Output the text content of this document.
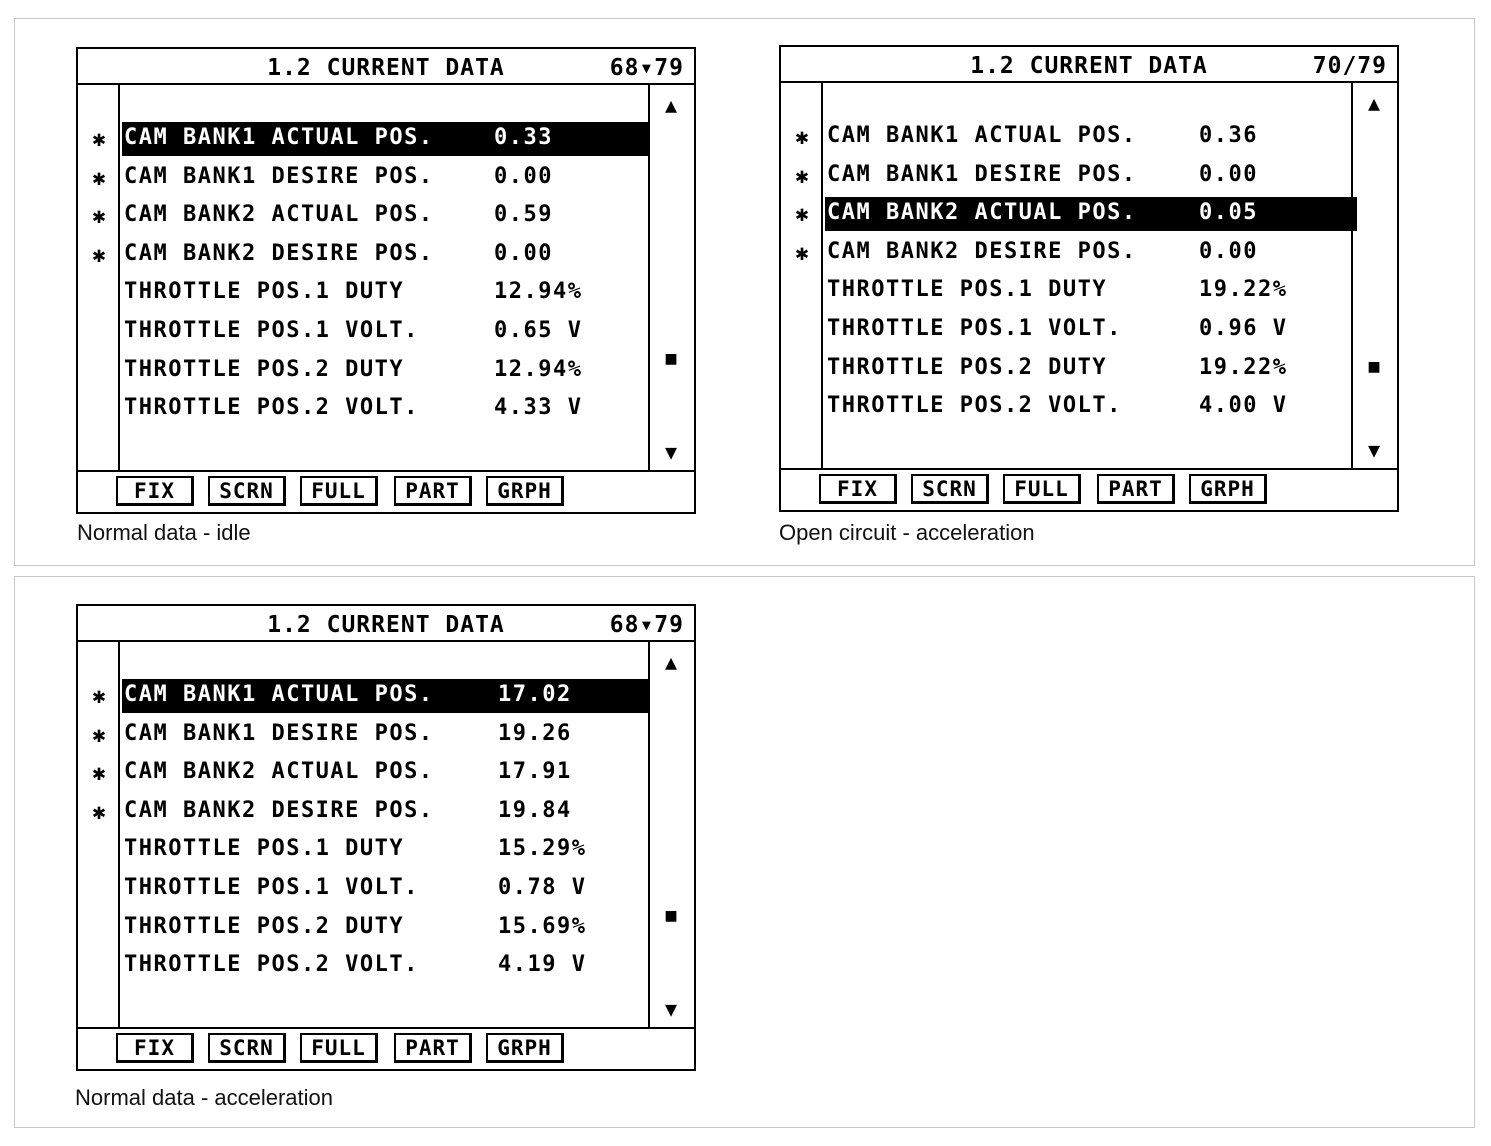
1.2 CURRENT DATA	68▾79
▲
■
▼
✱ CAM BANK1 ACTUAL POS.	0.33
✱ CAM BANK1 DESIRE POS.	0.00
✱ CAM BANK2 ACTUAL POS.	0.59
✱ CAM BANK2 DESIRE POS.	0.00
THROTTLE POS.1 DUTY	12.94%
THROTTLE POS.1 VOLT.	0.65 V
THROTTLE POS.2 DUTY	12.94%
THROTTLE POS.2 VOLT.	4.33 V
FIX	SCRN	FULL	PART	GRPH
Normal data - idle
1.2 CURRENT DATA	70/79
▲
■
▼
✱ CAM BANK1 ACTUAL POS.	0.36
✱ CAM BANK1 DESIRE POS.	0.00
✱ CAM BANK2 ACTUAL POS.	0.05
✱ CAM BANK2 DESIRE POS.	0.00
THROTTLE POS.1 DUTY	19.22%
THROTTLE POS.1 VOLT.	0.96 V
THROTTLE POS.2 DUTY	19.22%
THROTTLE POS.2 VOLT.	4.00 V
FIX	SCRN	FULL	PART	GRPH
Open circuit - acceleration
1.2 CURRENT DATA	68▾79
▲
■
▼
✱ CAM BANK1 ACTUAL POS.	17.02
✱ CAM BANK1 DESIRE POS.	19.26
✱ CAM BANK2 ACTUAL POS.	17.91
✱ CAM BANK2 DESIRE POS.	19.84
THROTTLE POS.1 DUTY	15.29%
THROTTLE POS.1 VOLT.	0.78 V
THROTTLE POS.2 DUTY	15.69%
THROTTLE POS.2 VOLT.	4.19 V
FIX	SCRN	FULL	PART	GRPH
Normal data - acceleration
